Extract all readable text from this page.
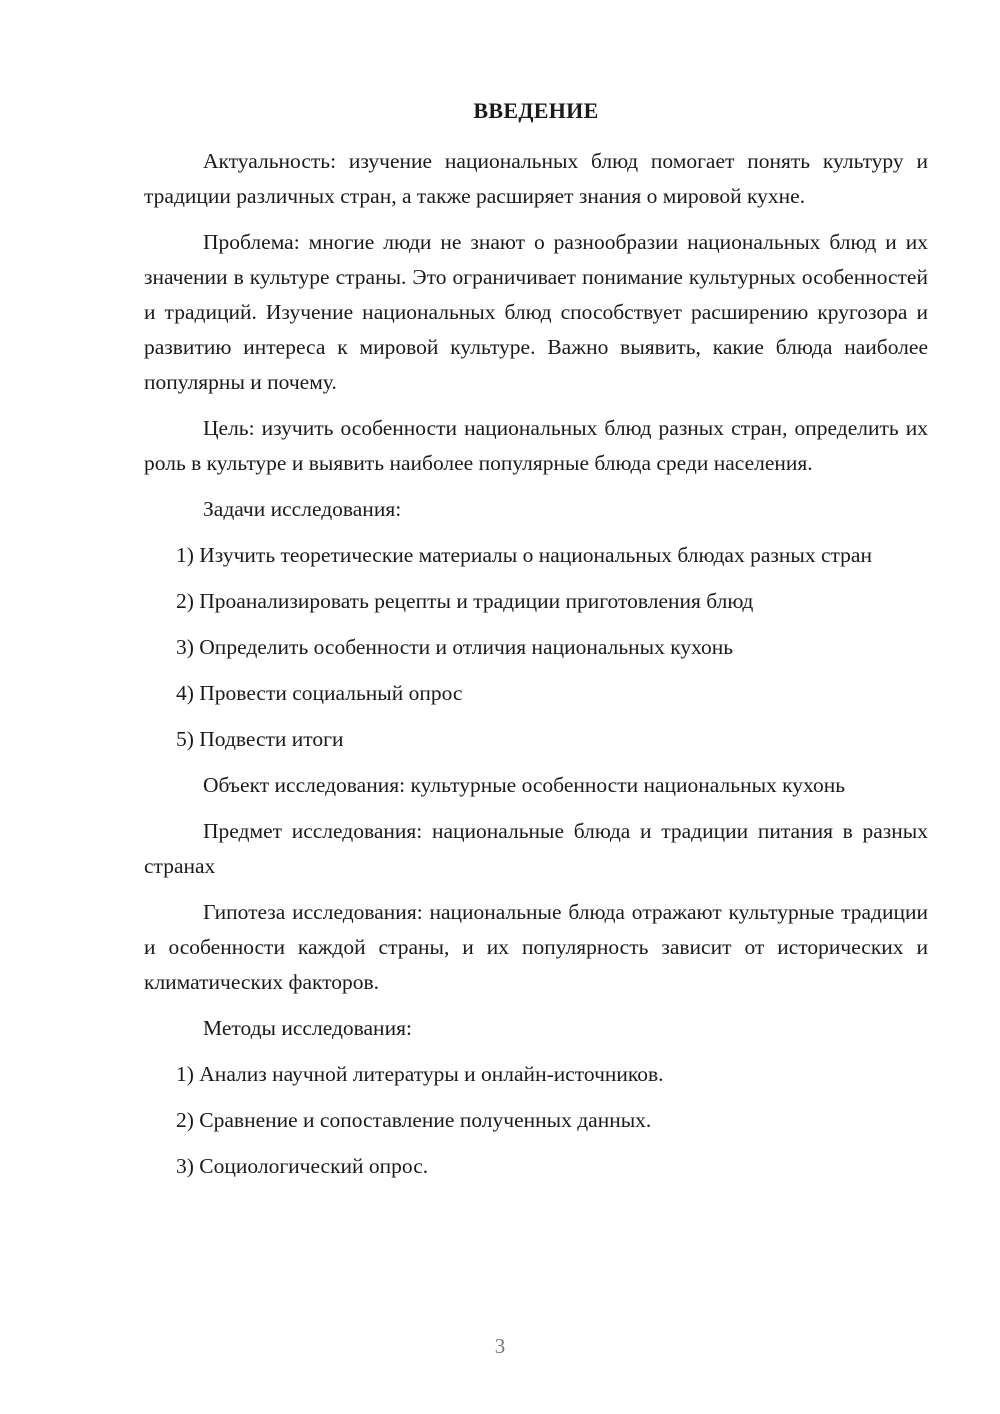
ВВЕДЕНИЕ

Актуальность: изучение национальных блюд помогает понять культуру и традиции различных стран, а также расширяет знания о мировой кухне.

Проблема: многие люди не знают о разнообразии национальных блюд и их значении в культуре страны. Это ограничивает понимание культурных особенностей и традиций. Изучение национальных блюд способствует расширению кругозора и развитию интереса к мировой культуре. Важно выявить, какие блюда наиболее популярны и почему.

Цель: изучить особенности национальных блюд разных стран, определить их роль в культуре и выявить наиболее популярные блюда среди населения.

Задачи исследования:

1) Изучить теоретические материалы о национальных блюдах разных стран

2) Проанализировать рецепты и традиции приготовления блюд

3) Определить особенности и отличия национальных кухонь

4) Провести социальный опрос

5) Подвести итоги

Объект исследования: культурные особенности национальных кухонь

Предмет исследования: национальные блюда и традиции питания в разных странах

Гипотеза исследования: национальные блюда отражают культурные традиции и особенности каждой страны, и их популярность зависит от исторических и климатических факторов.

Методы исследования:

1) Анализ научной литературы и онлайн-источников.

2) Сравнение и сопоставление полученных данных.

3) Социологический опрос.

3
